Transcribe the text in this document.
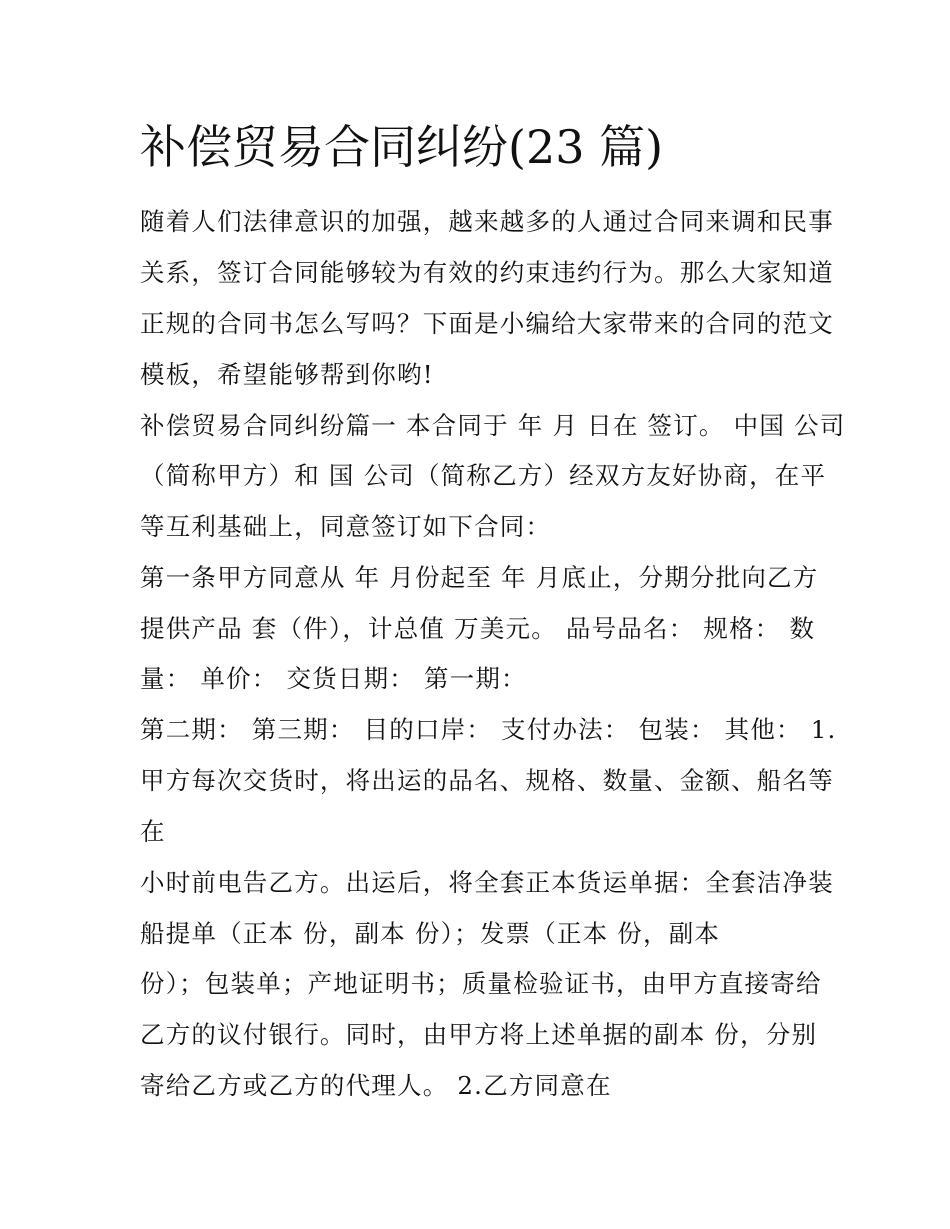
补偿贸易合同纠纷(23 篇)
随着人们法律意识的加强，越来越多的人通过合同来调和民事
关系，签订合同能够较为有效的约束违约行为。那么大家知道
正规的合同书怎么写吗？下面是小编给大家带来的合同的范文
模板，希望能够帮到你哟!
补偿贸易合同纠纷篇一 本合同于 年 月 日在 签订。 中国 公司
（简称甲方）和 国 公司（简称乙方）经双方友好协商，在平
等互利基础上，同意签订如下合同：
第一条甲方同意从 年 月份起至 年 月底止，分期分批向乙方
提供产品 套（件），计总值 万美元。 品号品名： 规格： 数
量： 单价： 交货日期： 第一期：
第二期： 第三期： 目的口岸： 支付办法： 包装： 其他： 1.
甲方每次交货时，将出运的品名、规格、数量、金额、船名等
在
小时前电告乙方。出运后，将全套正本货运单据：全套洁净装
船提单（正本 份，副本 份）；发票（正本 份，副本
份）；包装单；产地证明书；质量检验证书，由甲方直接寄给
乙方的议付银行。同时，由甲方将上述单据的副本 份，分别
寄给乙方或乙方的代理人。 2.乙方同意在
